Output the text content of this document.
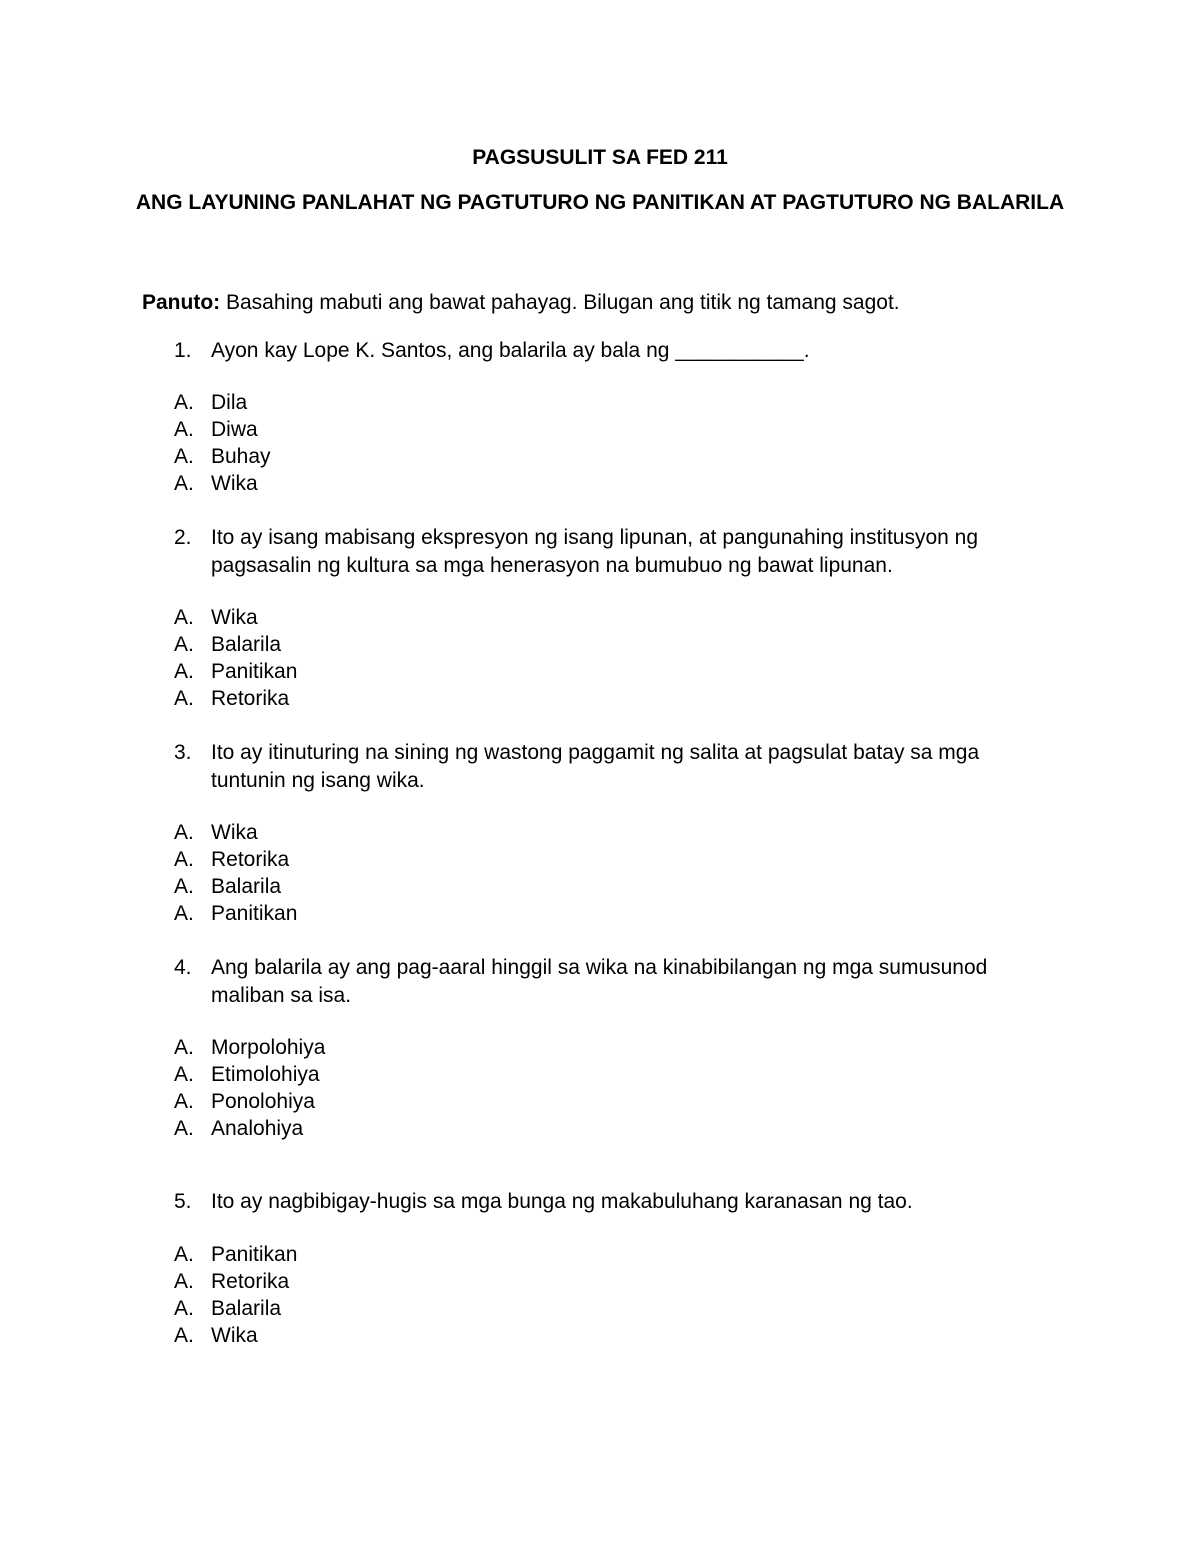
PAGSUSULIT SA FED 211
ANG LAYUNING PANLAHAT NG PAGTUTURO NG PANITIKAN AT PAGTUTURO NG BALARILA

Panuto: Basahing mabuti ang bawat pahayag. Bilugan ang titik ng tamang sagot.

1. Ayon kay Lope K. Santos, ang balarila ay bala ng ___________.

A. Dila
A. Diwa
A. Buhay
A. Wika

2. Ito ay isang mabisang ekspresyon ng isang lipunan, at pangunahing institusyon ng pagsasalin ng kultura sa mga henerasyon na bumubuo ng bawat lipunan.

A. Wika
A. Balarila
A. Panitikan
A. Retorika

3. Ito ay itinuturing na sining ng wastong paggamit ng salita at pagsulat batay sa mga tuntunin ng isang wika.

A. Wika
A. Retorika
A. Balarila
A. Panitikan

4. Ang balarila ay ang pag-aaral hinggil sa wika na kinabibilangan ng mga sumusunod maliban sa isa.

A. Morpolohiya
A. Etimolohiya
A. Ponolohiya
A. Analohiya

5. Ito ay nagbibigay-hugis sa mga bunga ng makabuluhang karanasan ng tao.

A. Panitikan
A. Retorika
A. Balarila
A. Wika
